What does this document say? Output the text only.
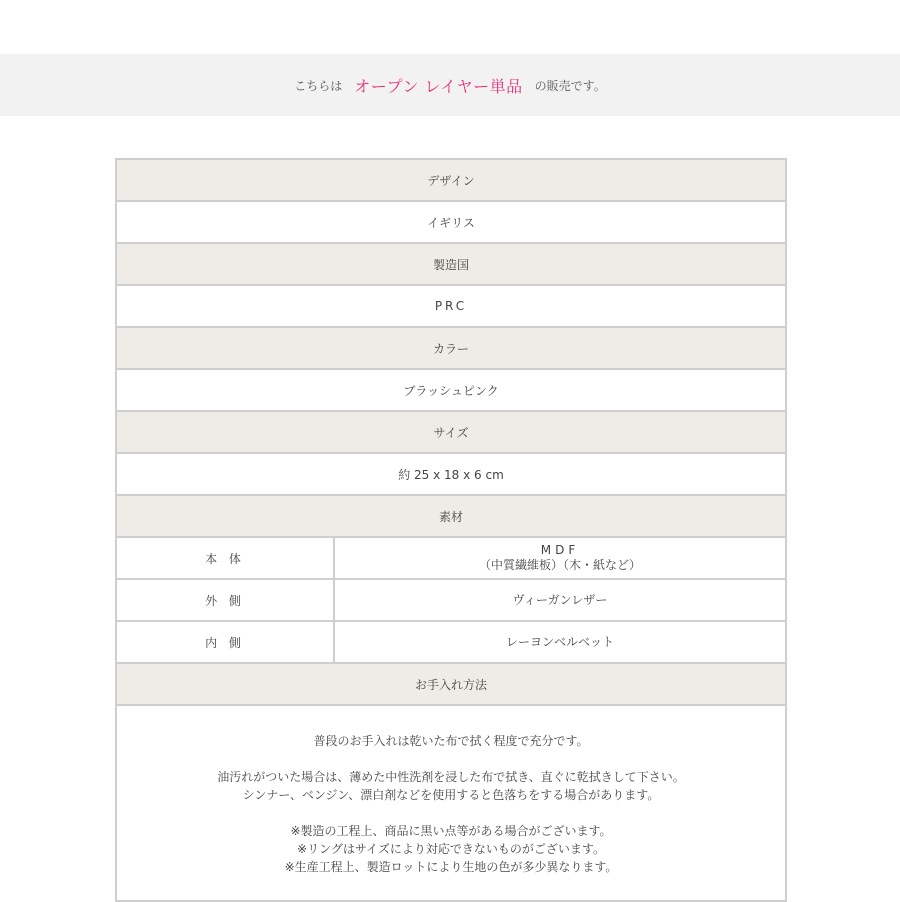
こちらは オープン レイヤー単品 の販売です。
デザイン
イギリス
製造国
PRC
カラー
ブラッシュピンク
サイズ
約 25 x 18 x 6 cm
素材
本 体
MDF
（中質繊維板）（木・紙など）
外 側	ヴィーガンレザー
内 側	レーヨンベルベット
お手入れ方法

普段のお手入れは乾いた布で拭く程度で充分です。

油汚れがついた場合は、薄めた中性洗剤を浸した布で拭き、直ぐに乾拭きして下さい。

シンナー、ベンジン、漂白剤などを使用すると色落ちをする場合があります。

※製造の工程上、商品に黒い点等がある場合がございます。

※リングはサイズにより対応できないものがございます。

※生産工程上、製造ロットにより生地の色が多少異なります。
